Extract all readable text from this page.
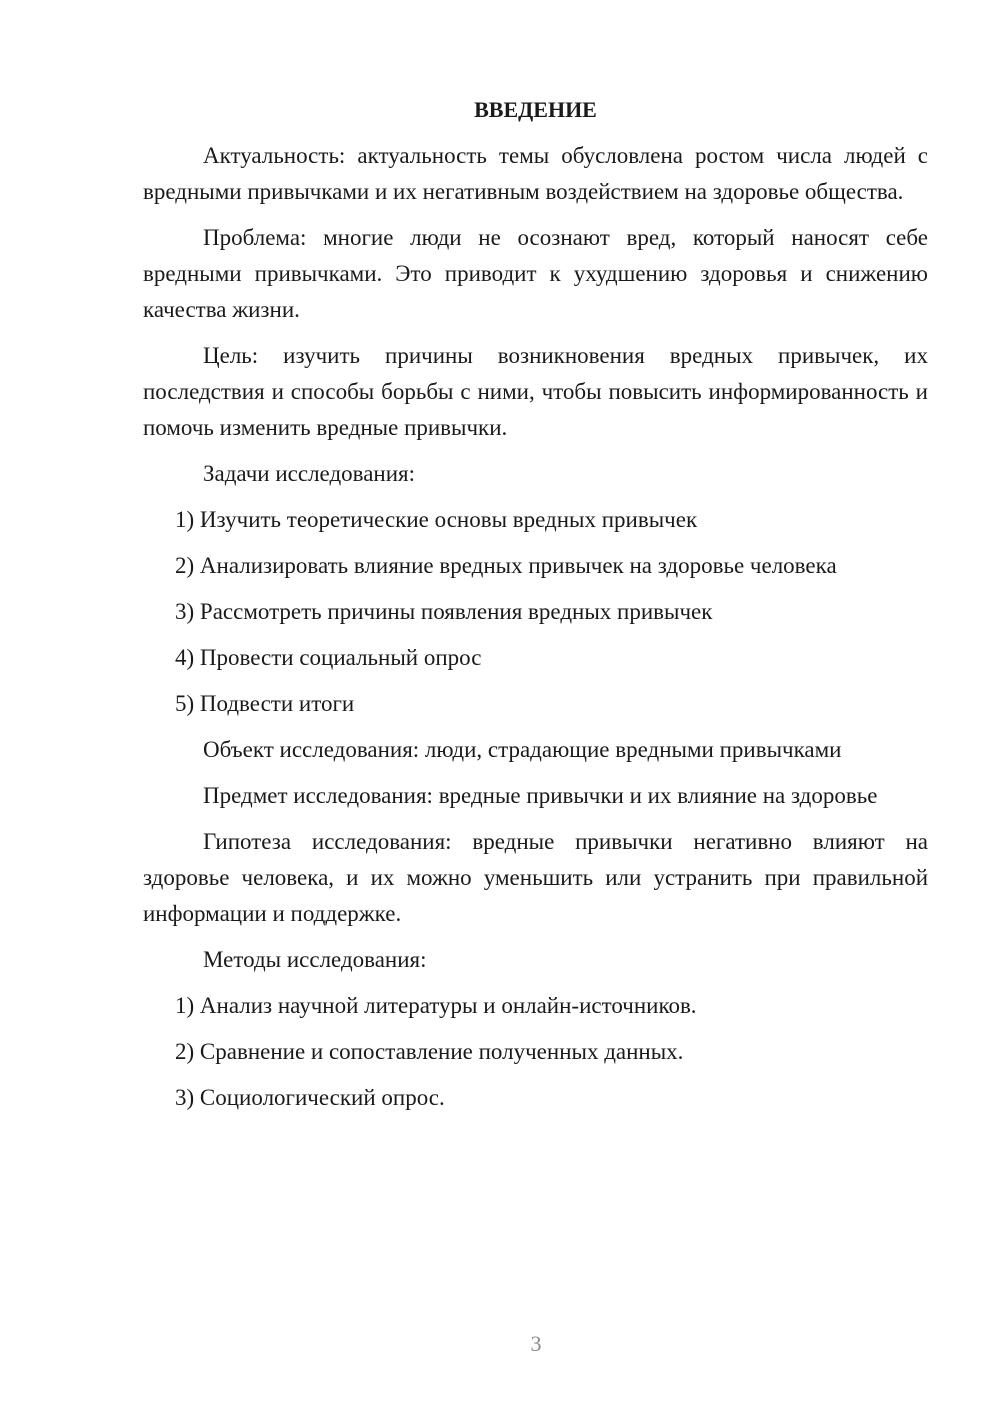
ВВЕДЕНИЕ

Актуальность: актуальность темы обусловлена ростом числа людей с вредными привычками и их негативным воздействием на здоровье общества.

Проблема: многие люди не осознают вред, который наносят себе вредными привычками. Это приводит к ухудшению здоровья и снижению качества жизни.

Цель: изучить причины возникновения вредных привычек, их последствия и способы борьбы с ними, чтобы повысить информированность и помочь изменить вредные привычки.

Задачи исследования:
1) Изучить теоретические основы вредных привычек
2) Анализировать влияние вредных привычек на здоровье человека
3) Рассмотреть причины появления вредных привычек
4) Провести социальный опрос
5) Подвести итоги
Объект исследования: люди, страдающие вредными привычками
Предмет исследования: вредные привычки и их влияние на здоровье

Гипотеза исследования: вредные привычки негативно влияют на здоровье человека, и их можно уменьшить или устранить при правильной информации и поддержке.

Методы исследования:
1) Анализ научной литературы и онлайн-источников.
2) Сравнение и сопоставление полученных данных.
3) Социологический опрос.
3
